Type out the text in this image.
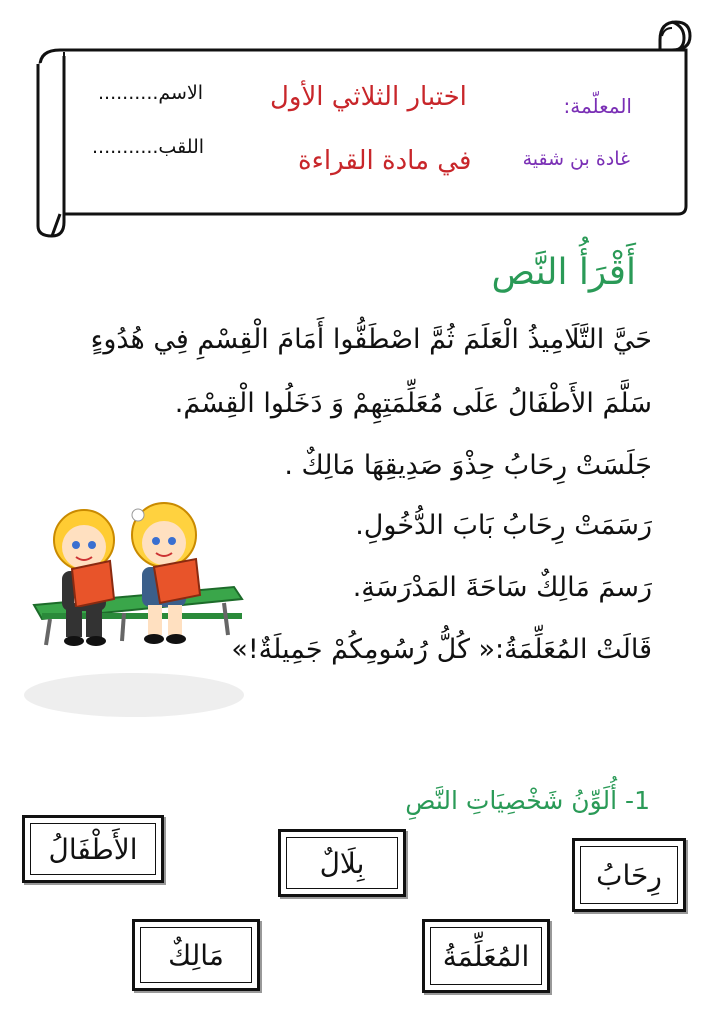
اختبار الثلاثي الأول
في مادة القراءة
المعلّمة:
غادة بن شقية
الاسم..........
اللقب...........
أَقْرَأُ النَّص
حَيَّ التَّلَامِيذُ الْعَلَمَ ثُمَّ اصْطَفُّوا أَمَامَ الْقِسْمِ فِي هُدُوءٍ
سَلَّمَ الأَطْفَالُ عَلَى مُعَلِّمَتِهِمْ وَ دَخَلُوا الْقِسْمَ.
جَلَسَتْ رِحَابُ حِذْوَ صَدِيقِهَا مَالِكٌ .
رَسَمَتْ رِحَابُ بَابَ الدُّخُولِ.
رَسمَ مَالِكٌ سَاحَةَ المَدْرَسَةِ.
قَالَتْ المُعَلِّمَةُ:« كُلُّ رُسُومِكُمْ جَمِيلَةٌ!»
1- أُلَوِّنُ شَخْصِيَاتِ النَّصِ
الأَطْفَالُ	بِلَالٌ	رِحَابُ
مَالِكٌ	المُعَلِّمَةُ
